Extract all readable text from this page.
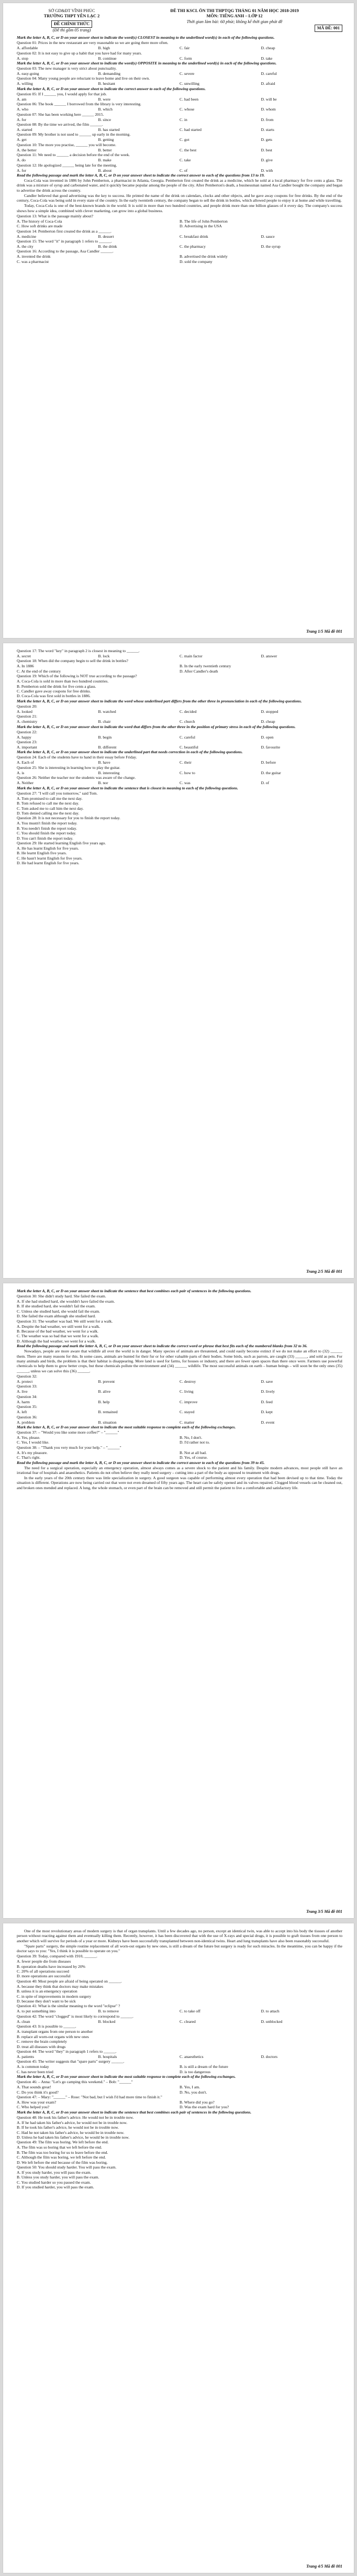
SỞ GD&ĐT VĨNH PHÚC
TRƯỜNG THPT YÊN LẠC 2
ĐỀ CHÍNH THỨC
(Đề thi gồm 05 trang)
ĐỀ THI KSCL ÔN THI THPTQG THÁNG 01 NĂM HỌC 2018-2019
MÔN: TIẾNG ANH – LỚP 12
Thời gian làm bài: 60 phút; không kể thời gian phát đề
MÃ ĐỀ: 001

Mark the letter A, B, C, or D on your answer sheet to indicate the word(s) CLOSEST in meaning to the underlined word(s) in each of the following questions.

Question 01: Prices in the new restaurant are very reasonable so we are going there more often.

A. affordable	B. high	C. fair	D. cheap

Question 02: It is not easy to give up a habit that you have had for many years.

A. stop	B. continue	C. form	D. take

Mark the letter A, B, C, or D on your answer sheet to indicate the word(s) OPPOSITE in meaning to the underlined word(s) in each of the following questions.

Question 03: The new manager is very strict about punctuality.

A. easy-going	B. demanding	C. severe	D. careful

Question 04: Many young people are reluctant to leave home and live on their own.

A. willing	B. hesitant	C. unwilling	D. afraid

Mark the letter A, B, C, or D on your answer sheet to indicate the correct answer to each of the following questions.

Question 05: If I ______ you, I would apply for that job.

A. am	B. were	C. had been	D. will be

Question 06: The book ______ I borrowed from the library is very interesting.

A. who	B. which	C. whose	D. whom

Question 07: She has been working here ______ 2015.

A. for	B. since	C. in	D. from

Question 08: By the time we arrived, the film ______.

A. started	B. has started	C. had started	D. starts

Question 09: My brother is not used to ______ up early in the morning.

A. get	B. getting	C. got	D. gets

Question 10: The more you practise, ______ you will become.

A. the better	B. better	C. the best	D. best

Question 11: We need to ______ a decision before the end of the week.

A. do	B. make	C. take	D. give

Question 12: He apologized ______ being late for the meeting.

A. for	B. about	C. of	D. with

Read the following passage and mark the letter A, B, C, or D on your answer sheet to indicate the correct answer to each of the questions from 13 to 19.

Coca-Cola was invented in 1886 by John Pemberton, a pharmacist in Atlanta, Georgia. Pemberton first created the drink as a medicine, which he sold at a local pharmacy for five cents a glass. The drink was a mixture of syrup and carbonated water, and it quickly became popular among the people of the city. After Pemberton's death, a businessman named Asa Candler bought the company and began to advertise the drink across the country.

Candler believed that good advertising was the key to success. He printed the name of the drink on calendars, clocks and other objects, and he gave away coupons for free drinks. By the end of the century, Coca-Cola was being sold in every state of the country. In the early twentieth century, the company began to sell the drink in bottles, which allowed people to enjoy it at home and while travelling.

Today, Coca-Cola is one of the best-known brands in the world. It is sold in more than two hundred countries, and people drink more than one billion glasses of it every day. The company's success shows how a simple idea, combined with clever marketing, can grow into a global business.

Question 13: What is the passage mainly about?

A. The history of Coca-Cola	B. The life of John Pemberton
C. How soft drinks are made	D. Advertising in the USA

Question 14: Pemberton first created the drink as a ______.

A. medicine	B. dessert	C. breakfast drink	D. sauce

Question 15: The word "it" in paragraph 1 refers to ______.

A. the city	B. the drink	C. the pharmacy	D. the syrup

Question 16: According to the passage, Asa Candler ______.

A. invented the drink	B. advertised the drink widely
C. was a pharmacist	D. sold the company
Trang 1/5 Mã đề 001

Question 17: The word "key" in paragraph 2 is closest in meaning to ______.

A. secret	B. lock	C. main factor	D. answer

Question 18: When did the company begin to sell the drink in bottles?

A. In 1886	B. In the early twentieth century
C. At the end of the century	D. After Candler's death

Question 19: Which of the following is NOT true according to the passage?

A. Coca-Cola is sold in more than two hundred countries.
B. Pemberton sold the drink for five cents a glass.
C. Candler gave away coupons for free drinks.
D. Coca-Cola was first sold in bottles in 1886.

Mark the letter A, B, C, or D on your answer sheet to indicate the word whose underlined part differs from the other three in pronunciation in each of the following questions.

Question 20:

A. looked	B. watched	C. decided	D. stopped

Question 21:

A. chemistry	B. chair	C. church	D. cheap

Mark the letter A, B, C, or D on your answer sheet to indicate the word that differs from the other three in the position of primary stress in each of the following questions.

Question 22:

A. happy	B. begin	C. careful	D. open

Question 23:

A. important	B. different	C. beautiful	D. favourite

Mark the letter A, B, C, or D on your answer sheet to indicate the underlined part that needs correction in each of the following questions.

Question 24: Each of the students have to hand in their essay before Friday.

A. Each of	B. have	C. their	D. before

Question 25: She is interesting in learning how to play the guitar.

A. is	B. interesting	C. how to	D. the guitar

Question 26: Neither the teacher nor the students was aware of the change.

A. Neither	B. nor	C. was	D. of

Mark the letter A, B, C, or D on your answer sheet to indicate the sentence that is closest in meaning to each of the following questions.

Question 27: "I will call you tomorrow," said Tom.

A. Tom promised to call me the next day.
B. Tom refused to call me the next day.
C. Tom asked me to call him the next day.
D. Tom denied calling me the next day.

Question 28: It is not necessary for you to finish the report today.

A. You mustn't finish the report today.
B. You needn't finish the report today.
C. You should finish the report today.
D. You can't finish the report today.

Question 29: He started learning English five years ago.

A. He has learnt English for five years.
B. He learnt English five years.
C. He hasn't learnt English for five years.
D. He had learnt English for five years.
Trang 2/5 Mã đề 001

Mark the letter A, B, C, or D on your answer sheet to indicate the sentence that best combines each pair of sentences in the following questions.

Question 30: She didn't study hard. She failed the exam.

A. If she had studied hard, she wouldn't have failed the exam.
B. If she studied hard, she wouldn't fail the exam.
C. Unless she studied hard, she would fail the exam.
D. She failed the exam although she studied hard.

Question 31: The weather was bad. We still went for a walk.

A. Despite the bad weather, we still went for a walk.
B. Because of the bad weather, we went for a walk.
C. The weather was so bad that we went for a walk.
D. Although the bad weather, we went for a walk.

Read the following passage and mark the letter A, B, C, or D on your answer sheet to indicate the correct word or phrase that best fits each of the numbered blanks from 32 to 36.

Nowadays, people are more aware that wildlife all over the world is in danger. Many species of animals are threatened, and could easily become extinct if we do not make an effort to (32) ______ them. There are many reasons for this. In some cases, animals are hunted for their fur or for other valuable parts of their bodies. Some birds, such as parrots, are caught (33) ______, and sold as pets. For many animals and birds, the problem is that their habitat is disappearing. More land is used for farms, for houses or industry, and there are fewer open spaces than there once were. Farmers use powerful chemicals to help them to grow better crops, but these chemicals pollute the environment and (34) ______ wildlife. The most successful animals on earth – human beings – will soon be the only ones (35) ______, unless we can solve this (36) ______.

Question 32:

A. protect	B. prevent	C. destroy	D. save

Question 33:

A. live	B. alive	C. living	D. lively

Question 34:

A. harm	B. help	C. improve	D. feed

Question 35:

A. left	B. remained	C. stayed	D. kept

Question 36:

A. problem	B. situation	C. matter	D. event

Mark the letter A, B, C, or D on your answer sheet to indicate the most suitable response to complete each of the following exchanges.

Question 37: – "Would you like some more coffee?" – "______"

A. Yes, please.	B. No, I don't.
C. Yes, I would like.	D. I'd rather not to.

Question 38: – "Thank you very much for your help." – "______"

A. It's my pleasure.	B. Not at all bad.
C. That's right.	D. Yes, of course.

Read the following passage and mark the letter A, B, C, or D on your answer sheet to indicate the correct answer to each of the questions from 39 to 45.

The need for a surgical operation, especially an emergency operation, almost always comes as a severe shock to the patient and his family. Despite modern advances, most people still have an irrational fear of hospitals and anaesthetics. Patients do not often believe they really need surgery – cutting into a part of the body as opposed to treatment with drugs.

In the early years of the 20th century there was little specialization in surgery. A good surgeon was capable of performing almost every operation that had been devised up to that time. Today the situation is different. Operations are now being carried out that were not even dreamed of fifty years ago. The heart can be safely opened and its valves repaired. Clogged blood vessels can be cleaned out, and broken ones mended and replaced. A lung, the whole stomach, or even part of the brain can be removed and still permit the patient to live a comfortable and satisfactory life.

Trang 3/5 Mã đề 001

One of the most revolutionary areas of modern surgery is that of organ transplants. Until a few decades ago, no person, except an identical twin, was able to accept into his body the tissues of another person without reacting against them and eventually killing them. Recently, however, it has been discovered that with the use of X-rays and special drugs, it is possible to graft tissues from one person to another which will survive for periods of a year or more. Kidneys have been successfully transplanted between non-identical twins. Heart and lung transplants have also been reasonably successful.

"Spare parts" surgery, the simple routine replacement of all worn-out organs by new ones, is still a dream of the future but surgery is ready for such miracles. In the meantime, you can be happy if the doctor says to you: "Yes, I think it is possible to operate on you."

Question 39: Today, compared with 1910, ______.

A. fewer people die from diseases
B. operation deaths have increased by 20%
C. 20% of all operations succeed
D. more operations are successful

Question 40: Most people are afraid of being operated on ______.

A. because they think that doctors may make mistakes
B. unless it is an emergency operation
C. in spite of improvements in modern surgery
D. because they don't want to be sick

Question 41: What is the similar meaning to the word "eclipse" ?

A. to put something into	B. to remove	C. to take off	D. to attach

Question 42: The word "clogged" is most likely to correspond to ______.

A. clean	B. blocked	C. cleared	D. unblocked

Question 43: It is possible to ______.

A. transplant organs from one person to another
B. replace all worn-out organs with new ones
C. remove the brain completely
D. treat all diseases with drugs

Question 44: The word "they" in paragraph 1 refers to ______.

A. patients	B. hospitals	C. anaesthetics	D. doctors

Question 45: The writer suggests that "spare parts" surgery ______.

A. is common today	B. is still a dream of the future
C. has never been tried	D. is too dangerous

Mark the letter A, B, C, or D on your answer sheet to indicate the most suitable response to complete each of the following exchanges.

Question 46: – Anna: "Let's go camping this weekend." – Bob: "______"

A. That sounds great!	B. Yes, I am.
C. Do you think it's good?	D. No, you don't.

Question 47: – Mary: "______" – Rose: "Not bad, but I wish I'd had more time to finish it."

A. How was your exam?	B. Where did you go?
C. Who helped you?	D. Was the exam hard for you?

Mark the letter A, B, C, or D on your answer sheet to indicate the sentence that best combines each pair of sentences in the following questions.

Question 48: He took his father's advice. He would not be in trouble now.

A. If he had taken his father's advice, he would not be in trouble now.
B. If he took his father's advice, he would not be in trouble now.
C. Had he not taken his father's advice, he would be in trouble now.
D. Unless he had taken his father's advice, he would be in trouble now.

Question 49: The film was boring. We left before the end.

A. The film was so boring that we left before the end.
B. The film was too boring for us to leave before the end.
C. Although the film was boring, we left before the end.
D. We left before the end because of the film was boring.

Question 50: You should study harder. You will pass the exam.

A. If you study harder, you will pass the exam.
B. Unless you study harder, you will pass the exam.
C. You studied harder so you passed the exam.
D. If you studied harder, you will pass the exam.
Trang 4/5 Mã đề 001
